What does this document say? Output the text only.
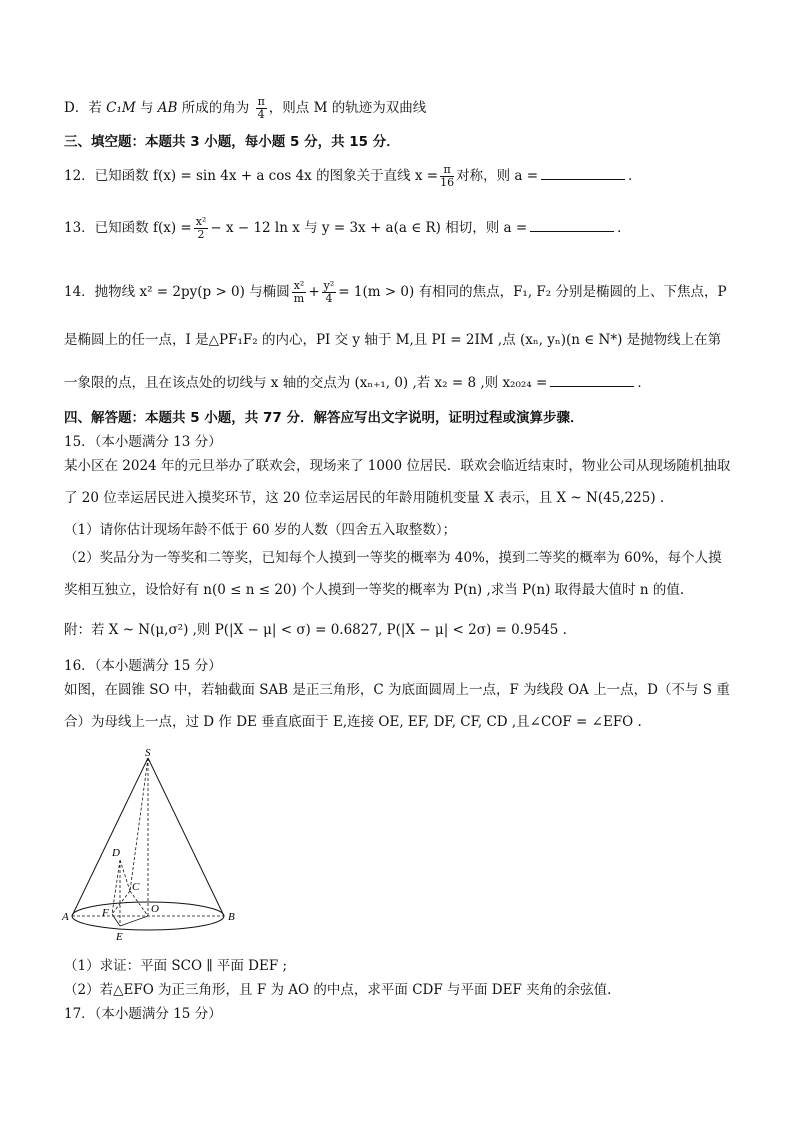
D．若 C₁M 与 AB 所成的角为 $\frac{\pi}{4}$ ，则点 M 的轨迹为双曲线
三、填空题：本题共 3 小题，每小题 5 分，共 15 分．
12．已知函数 f(x) = sin 4x + a cos 4x 的图象关于直线 $x = \frac{\pi}{16}$ 对称，则 a =	．
13．已知函数 $f(x) = \frac{\text{x²}}{2} - x - 12$ ln x 与 y = 3x + a(a ∈ R) 相切，则 a =	．
14．抛物线 x² = 2py(p > 0) 与椭圆 $\frac{\text{x²}}{m} + \frac{\text{y²}}{4} = 1(m > 0)$ 有相同的焦点，F₁, F₂ 分别是椭圆的上、下焦点，P
是椭圆上的任一点，I 是△PF₁F₂ 的内心，PI 交 y 轴于 M,且 PI = 2IM ,点 (xₙ, yₙ)(n ∈ N*) 是抛物线上在第
一象限的点，且在该点处的切线与 x 轴的交点为 (xₙ₊₁, 0) ,若 x₂ = 8 ,则 x₂₀₂₄ =	．
四、解答题：本题共 5 小题，共 77 分．解答应写出文字说明，证明过程或演算步骤．
15．（本小题满分 13 分）
某小区在 2024 年的元旦举办了联欢会，现场来了 1000 位居民．联欢会临近结束时，物业公司从现场随机抽取
了 20 位幸运居民进入摸奖环节，这 20 位幸运居民的年龄用随机变量 X 表示，且 X ~ N(45,225) .
（1）请你估计现场年龄不低于 60 岁的人数（四舍五入取整数）；
（2）奖品分为一等奖和二等奖，已知每个人摸到一等奖的概率为 40%，摸到二等奖的概率为 60%，每个人摸
奖相互独立，设恰好有 n(0 ≤ n ≤ 20) 个人摸到一等奖的概率为 P(n) ,求当 P(n) 取得最大值时 n 的值.
附：若 X ~ N(μ,σ²) ,则 P(|X − μ| < σ) = 0.6827, P(|X − μ| < 2σ) = 0.9545 .
16．（本小题满分 15 分）
如图，在圆锥 SO 中，若轴截面 SAB 是正三角形，C 为底面圆周上一点，F 为线段 OA 上一点，D（不与 S 重
合）为母线上一点，过 D 作 DE 垂直底面于 E,连接 OE, EF, DF, CF, CD ,且∠COF = ∠EFO .
S
D
C
F	O
A	B
E
（1）求证：平面 SCO ∥ 平面 DEF ;
（2）若△EFO 为正三角形，且 F 为 AO 的中点，求平面 CDF 与平面 DEF 夹角的余弦值.
17．（本小题满分 15 分）
